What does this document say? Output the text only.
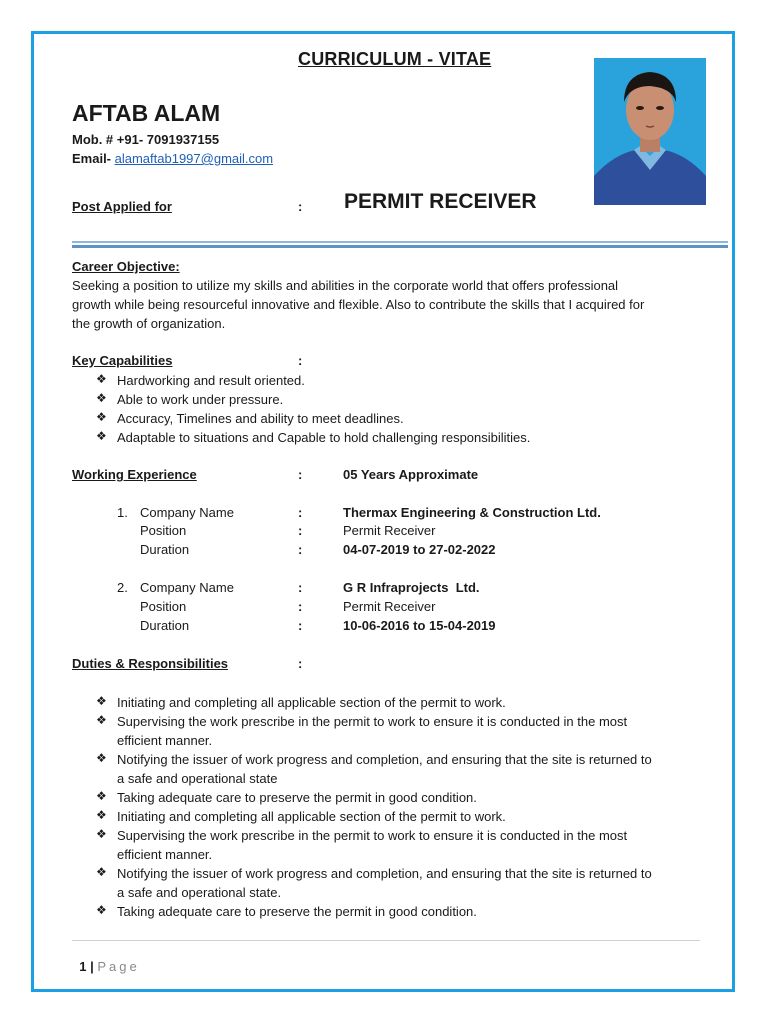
CURRICULUM - VITAE
AFTAB ALAM
Mob. # +91- 7091937155
Email- alamaftab1997@gmail.com
Post Applied for	: PERMIT RECEIVER
Career Objective:
Seeking a position to utilize my skills and abilities in the corporate world that offers professional
growth while being resourceful innovative and flexible. Also to contribute the skills that I acquired for
the growth of organization.
Key Capabilities	:
❖ Hardworking and result oriented.
❖ Able to work under pressure.
❖ Accuracy, Timelines and ability to meet deadlines.
❖ Adaptable to situations and Capable to hold challenging responsibilities.
Working Experience	:	05 Years Approximate
1. Company Name	:	Thermax Engineering & Construction Ltd.
Position	:	Permit Receiver
Duration	:	04-07-2019 to 27-02-2022
2. Company Name	:	G R Infraprojects  Ltd.
Position	:	Permit Receiver
Duration	:	10-06-2016 to 15-04-2019
Duties & Responsibilities	:
❖ Initiating and completing all applicable section of the permit to work.
❖ Supervising the work prescribe in the permit to work to ensure it is conducted in the most
efficient manner.
❖ Notifying the issuer of work progress and completion, and ensuring that the site is returned to
a safe and operational state
❖ Taking adequate care to preserve the permit in good condition.
❖ Initiating and completing all applicable section of the permit to work.
❖ Supervising the work prescribe in the permit to work to ensure it is conducted in the most
efficient manner.
❖ Notifying the issuer of work progress and completion, and ensuring that the site is returned to
a safe and operational state.
❖ Taking adequate care to preserve the permit in good condition.

1 | Page
